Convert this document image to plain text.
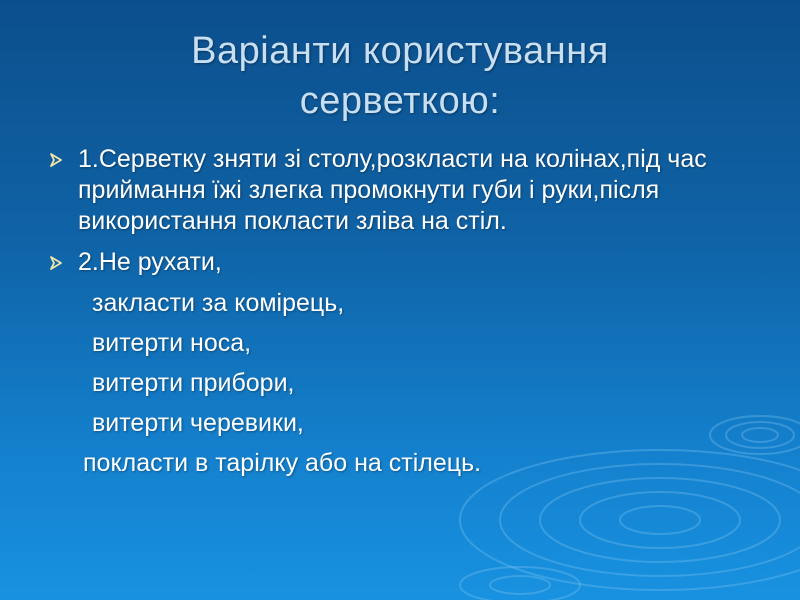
Варіанти користування
серветкою:
1.Серветку зняти зі столу,розкласти на колінах,під час приймання їжі злегка промокнути губи і руки,після використання покласти зліва на стіл.
2.Не рухати,
закласти за комірець,
витерти носа,
витерти прибори,
витерти черевики,
покласти в тарілку або на стілець.
